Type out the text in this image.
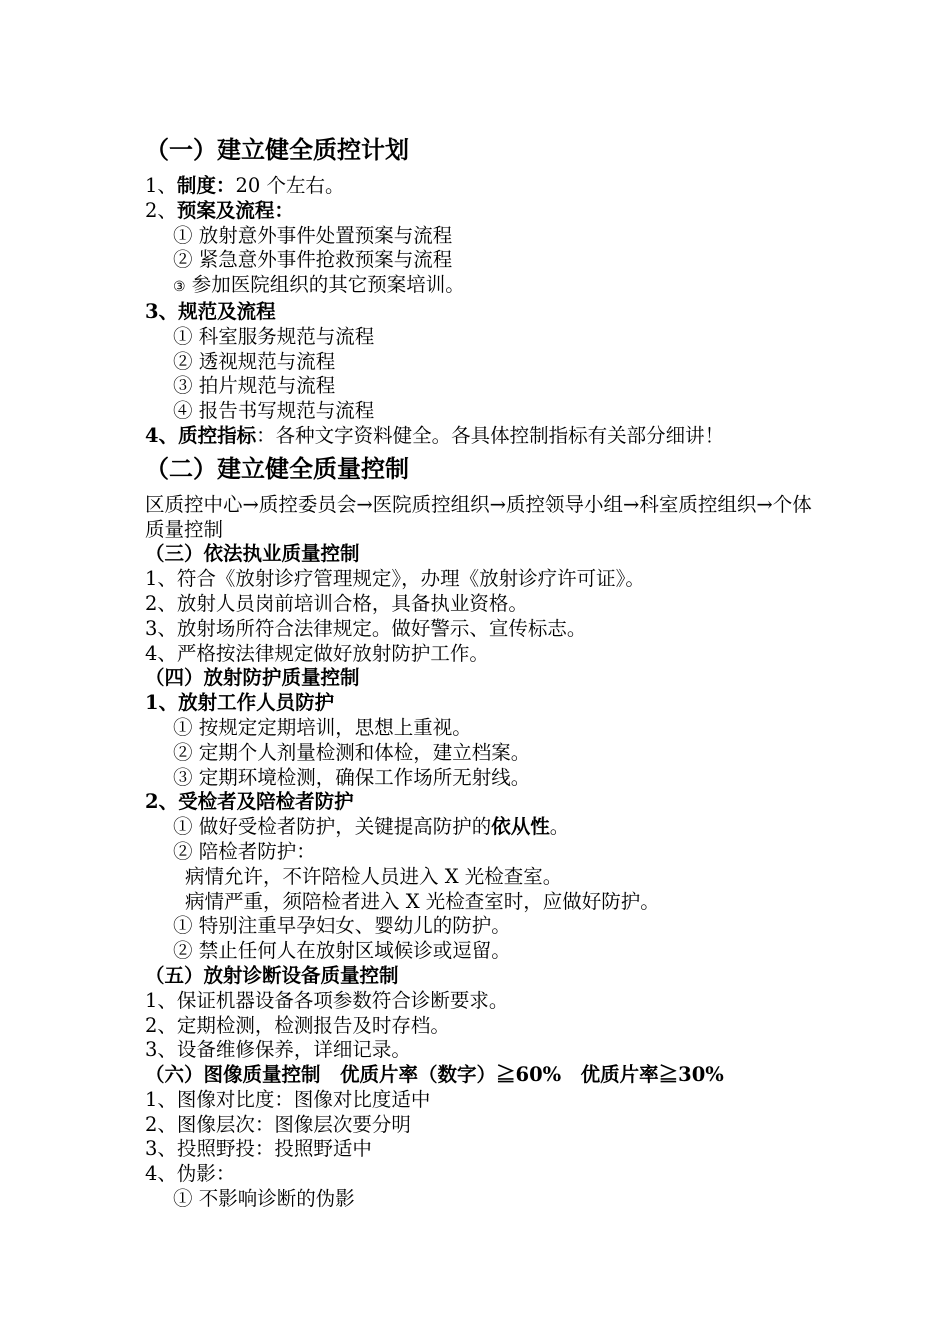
（一）建立健全质控计划
1、制度：20 个左右。
2、预案及流程：
① 放射意外事件处置预案与流程
② 紧急意外事件抢救预案与流程
③ 参加医院组织的其它预案培训。
3、规范及流程
① 科室服务规范与流程
② 透视规范与流程
③ 拍片规范与流程
④ 报告书写规范与流程
4、质控指标：各种文字资料健全。各具体控制指标有关部分细讲！
（二）建立健全质量控制
区质控中心→质控委员会→医院质控组织→质控领导小组→科室质控组织→个体质量控制
（三）依法执业质量控制
1、符合《放射诊疗管理规定》，办理《放射诊疗许可证》。
2、放射人员岗前培训合格，具备执业资格。
3、放射场所符合法律规定。做好警示、宣传标志。
4、严格按法律规定做好放射防护工作。
（四）放射防护质量控制
1、放射工作人员防护
① 按规定定期培训，思想上重视。
② 定期个人剂量检测和体检，建立档案。
③ 定期环境检测，确保工作场所无射线。
2、受检者及陪检者防护
① 做好受检者防护，关键提高防护的依从性。
② 陪检者防护：
病情允许，不许陪检人员进入 X 光检查室。
病情严重，须陪检者进入 X 光检查室时，应做好防护。
① 特别注重早孕妇女、婴幼儿的防护。
② 禁止任何人在放射区域候诊或逗留。
（五）放射诊断设备质量控制
1、保证机器设备各项参数符合诊断要求。
2、定期检测，检测报告及时存档。
3、设备维修保养，详细记录。
（六）图像质量控制　优质片率（数字）≧60%　优质片率≧30%
1、图像对比度：图像对比度适中
2、图像层次：图像层次要分明
3、投照野投：投照野适中
4、伪影：
① 不影响诊断的伪影
